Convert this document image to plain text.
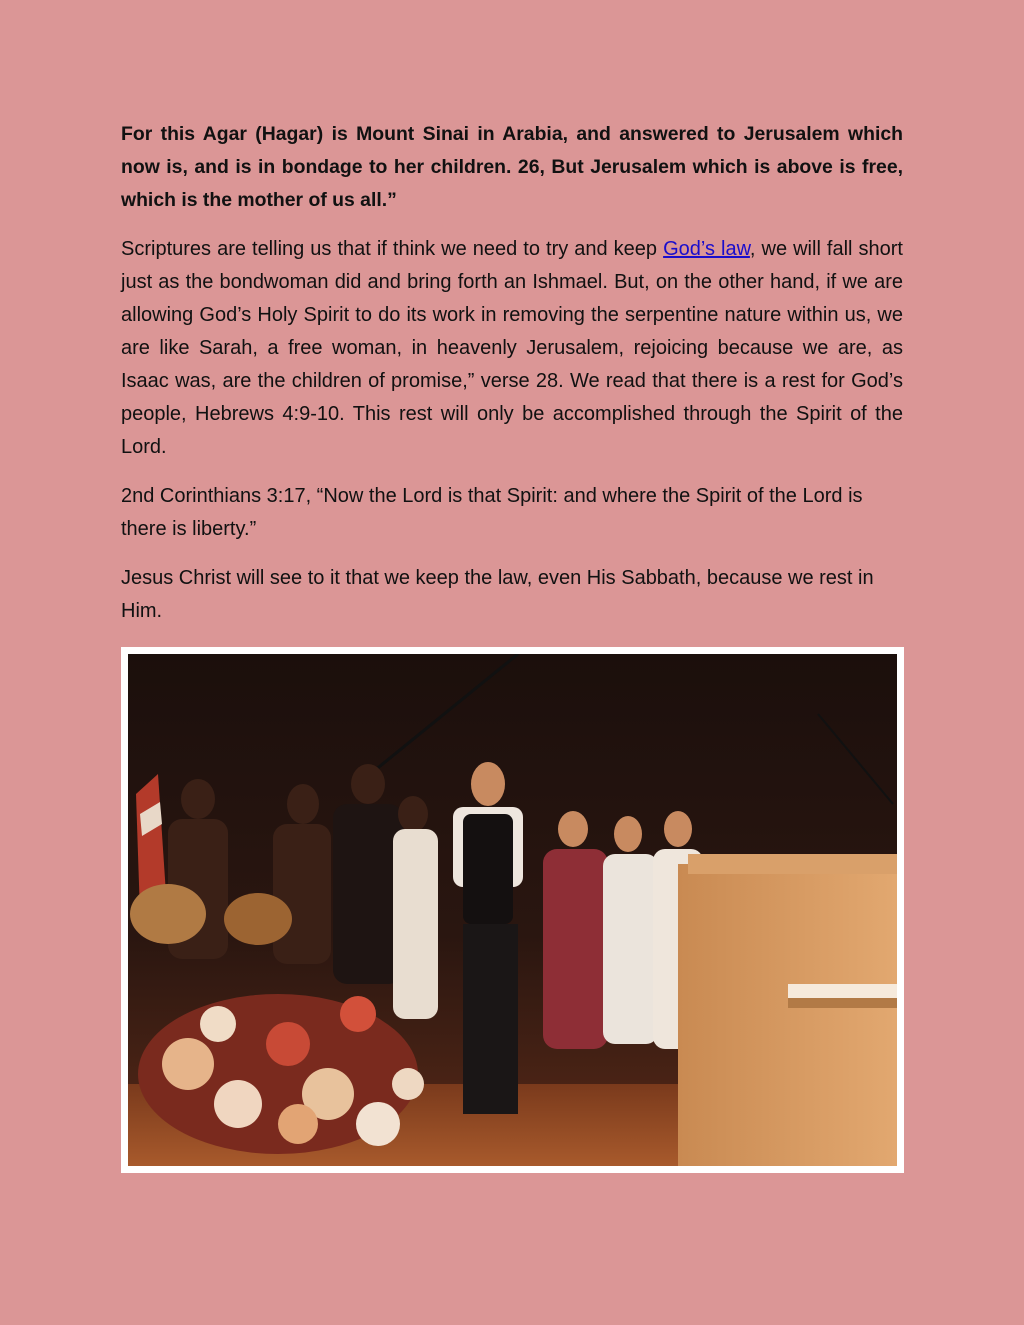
For this Agar (Hagar) is Mount Sinai in Arabia, and answered to Jerusalem which now is, and is in bondage to her children. 26, But Jerusalem which is above is free, which is the mother of us all.”

Scriptures are telling us that if think we need to try and keep God’s law, we will fall short just as the bondwoman did and bring forth an Ishmael. But, on the other hand, if we are allowing God’s Holy Spirit to do its work in removing the serpentine nature within us, we are like Sarah, a free woman, in heavenly Jerusalem, rejoicing because we are, as Isaac was, are the children of promise,” verse 28. We read that there is a rest for God’s people, Hebrews 4:9-10. This rest will only be accomplished through the Spirit of the Lord.

2nd Corinthians 3:17, “Now the Lord is that Spirit: and where the Spirit of the Lord is there is liberty.”

Jesus Christ will see to it that we keep the law, even His Sabbath, because we rest in Him.
